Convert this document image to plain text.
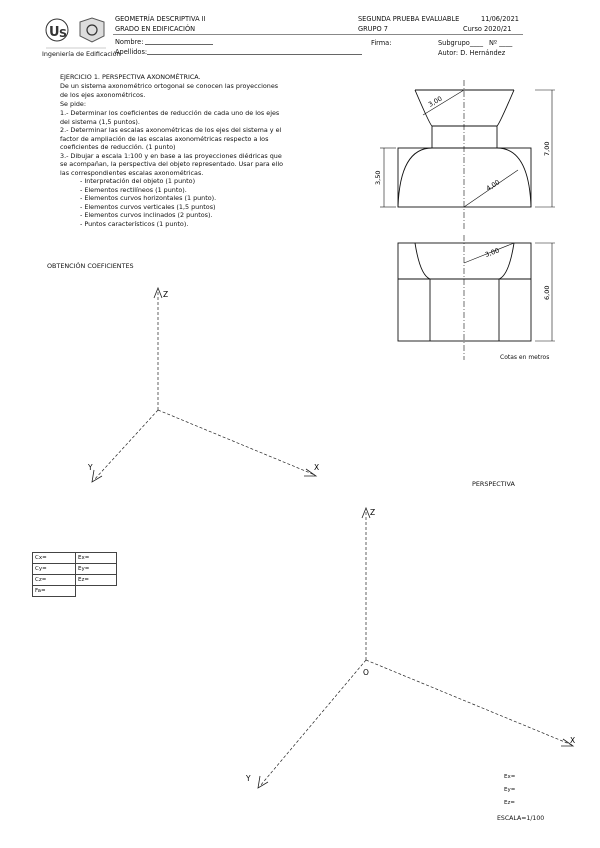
U S
Ingeniería de Edificación
GEOMETRÍA DESCRIPTIVA II
GRADO EN EDIFICACIÓN
Nombre:
Apellidos:
SEGUNDA PRUEBA EVALUABLE	11/06/2021
GRUPO 7	Curso 2020/21
Firma:	Subgrupo____ Nº ____
Autor: D. Hernández
EJERCICIO 1. PERSPECTIVA AXONOMÉTRICA.
De un sistema axonométrico ortogonal se conocen las proyecciones
de los ejes axonométricos.
Se pide:
1.- Determinar los coeficientes de reducción de cada uno de los ejes
del sistema (1,5 puntos).
2.- Determinar las escalas axonométricas de los ejes del sistema y el
factor de ampliación de las escalas axonométricas respecto a los
coeficientes de reducción. (1 punto)
3.- Dibujar a escala 1:100 y en base a las proyecciones diédricas que
se acompañan, la perspectiva del objeto representado. Usar para ello
las correspondientes escalas axonométricas.
- Interpretación del objeto (1 punto)
- Elementos rectilíneos (1 punto).
- Elementos curvos horizontales (1 punto).
- Elementos curvos verticales (1,5 puntos)
- Elementos curvos inclinados (2 puntos).
- Puntos característicos (1 punto).
3,00
4,00
3,00
7,00
3,50
6,00
Cotas en metros
OBTENCIÓN COEFICIENTES
Z
X
Y
Cx=	Ex=
Cy=	Ey=
Cz=	Ez=
Fa=	
PERSPECTIVA
Z
O
X
Y	Ex=
Ey=
Ez=
ESCALA=1/100
